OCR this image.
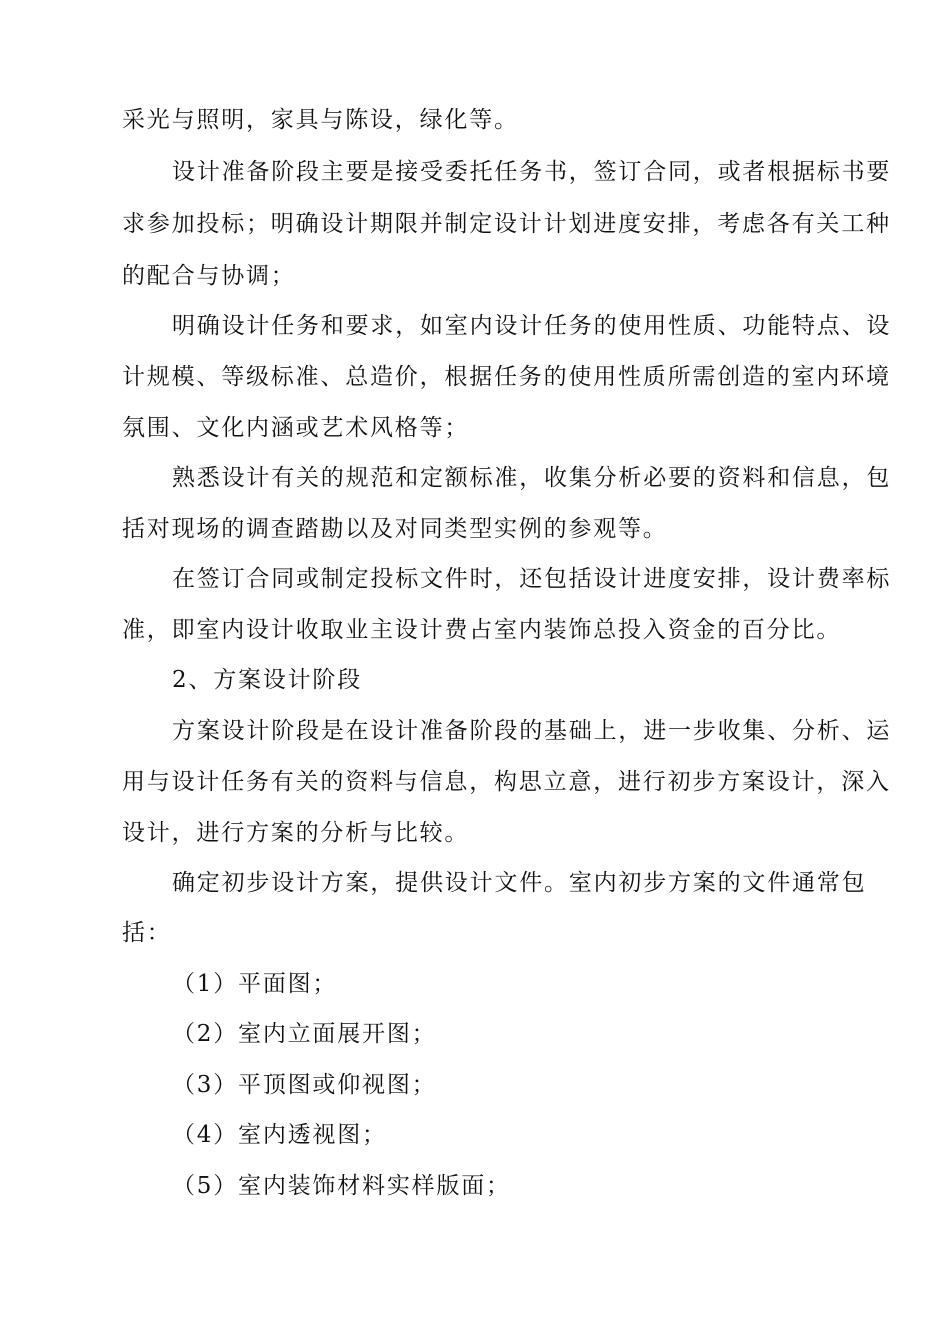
采光与照明，家具与陈设，绿化等。
设计准备阶段主要是接受委托任务书，签订合同，或者根据标书要
求参加投标；明确设计期限并制定设计计划进度安排，考虑各有关工种
的配合与协调；
明确设计任务和要求，如室内设计任务的使用性质、功能特点、设
计规模、等级标准、总造价，根据任务的使用性质所需创造的室内环境
氛围、文化内涵或艺术风格等；
熟悉设计有关的规范和定额标准，收集分析必要的资料和信息，包
括对现场的调查踏勘以及对同类型实例的参观等。
在签订合同或制定投标文件时，还包括设计进度安排，设计费率标
准，即室内设计收取业主设计费占室内装饰总投入资金的百分比。
2、方案设计阶段
方案设计阶段是在设计准备阶段的基础上，进一步收集、分析、运
用与设计任务有关的资料与信息，构思立意，进行初步方案设计，深入
设计，进行方案的分析与比较。
确定初步设计方案，提供设计文件。室内初步方案的文件通常包
括：
（1）平面图；
（2）室内立面展开图；
（3）平顶图或仰视图；
（4）室内透视图；
（5）室内装饰材料实样版面；
